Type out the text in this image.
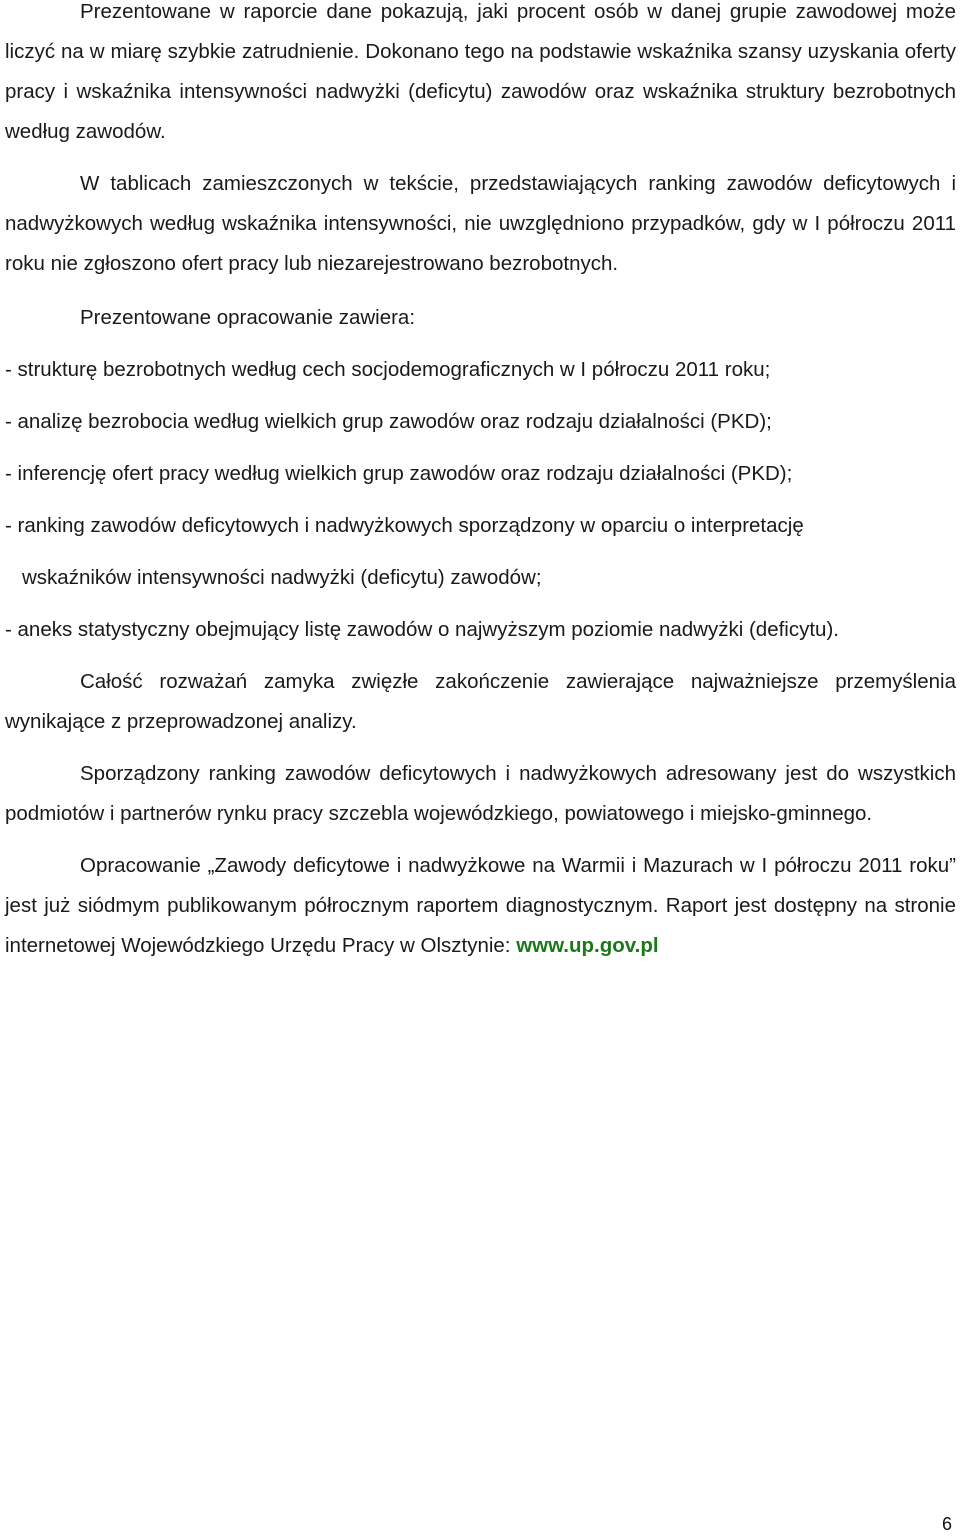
Prezentowane w raporcie dane pokazują, jaki procent osób w danej grupie zawodowej może liczyć na w miarę szybkie zatrudnienie. Dokonano tego na podstawie wskaźnika szansy uzyskania oferty pracy i wskaźnika intensywności nadwyżki (deficytu) zawodów oraz wskaźnika struktury bezrobotnych według zawodów.

W tablicach zamieszczonych w tekście, przedstawiających ranking zawodów deficytowych i nadwyżkowych według wskaźnika intensywności, nie uwzględniono przypadków, gdy w I półroczu 2011 roku nie zgłoszono ofert pracy lub niezarejestrowano bezrobotnych.

Prezentowane opracowanie zawiera:

- strukturę bezrobotnych według cech socjodemograficznych w I półroczu 2011 roku;

- analizę bezrobocia według wielkich grup zawodów oraz rodzaju działalności (PKD);

- inferencję ofert pracy według wielkich grup zawodów oraz rodzaju działalności (PKD);

- ranking zawodów deficytowych i nadwyżkowych sporządzony w oparciu o interpretację

wskaźników intensywności nadwyżki (deficytu) zawodów;

- aneks statystyczny obejmujący listę zawodów o najwyższym poziomie nadwyżki (deficytu).

Całość rozważań zamyka zwięzłe zakończenie zawierające najważniejsze przemyślenia wynikające z przeprowadzonej analizy.

Sporządzony ranking zawodów deficytowych i nadwyżkowych adresowany jest do wszystkich podmiotów i partnerów rynku pracy szczebla wojewódzkiego, powiatowego i miejsko-gminnego.

Opracowanie „Zawody deficytowe i nadwyżkowe na Warmii i Mazurach w I półroczu 2011 roku” jest już siódmym publikowanym półrocznym raportem diagnostycznym. Raport jest dostępny na stronie internetowej Wojewódzkiego Urzędu Pracy w Olsztynie: www.up.gov.pl

6
